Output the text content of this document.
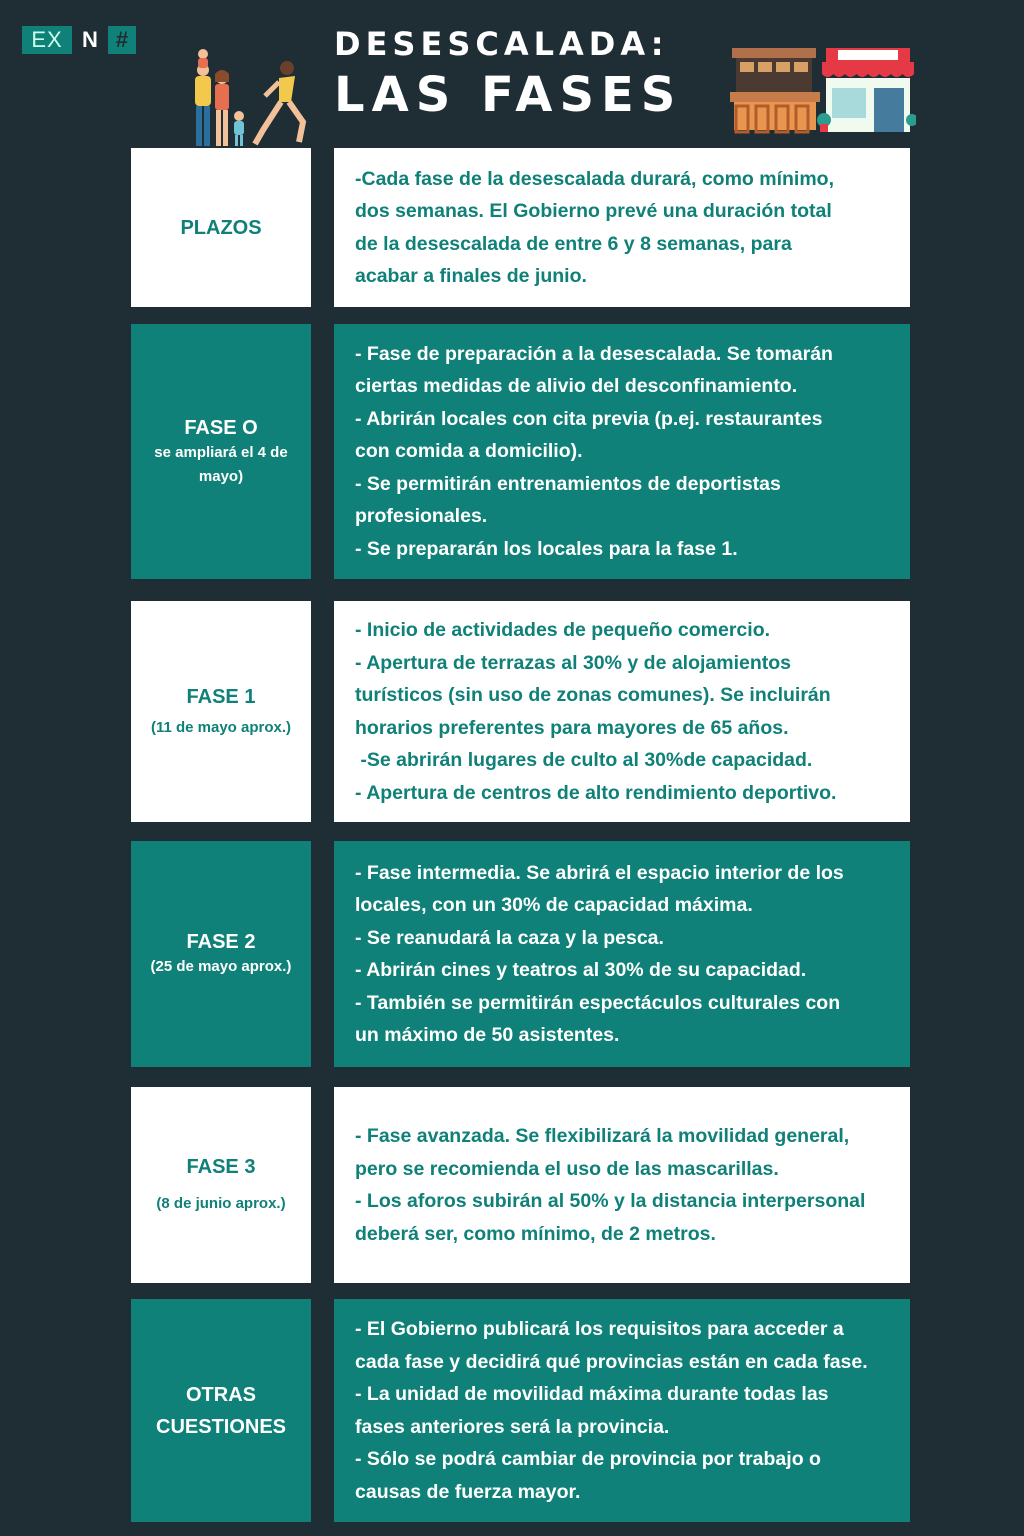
EX N #	DESESCALADA:
LAS FASES
PLAZOS

-Cada fase de la desescalada durará, como mínimo,

dos semanas. El Gobierno prevé una duración total

de la desescalada de entre 6 y 8 semanas, para

acabar a finales de junio.

FASE O
se ampliará el 4 de mayo)

- Fase de preparación a la desescalada. Se tomarán

ciertas medidas de alivio del desconfinamiento.

- Abrirán locales con cita previa (p.ej. restaurantes

con comida a domicilio).

- Se permitirán entrenamientos de deportistas

profesionales.

- Se prepararán los locales para la fase 1.

FASE 1
(11 de mayo aprox.)

- Inicio de actividades de pequeño comercio.

- Apertura de terrazas al 30% y de alojamientos

turísticos (sin uso de zonas comunes). Se incluirán

horarios preferentes para mayores de 65 años.

-Se abrirán lugares de culto al 30%de capacidad.

- Apertura de centros de alto rendimiento deportivo.

FASE 2
(25 de mayo aprox.)

- Fase intermedia. Se abrirá el espacio interior de los

locales, con un 30% de capacidad máxima.

- Se reanudará la caza y la pesca.

- Abrirán cines y teatros al 30% de su capacidad.

- También se permitirán espectáculos culturales con

un máximo de 50 asistentes.

FASE 3
(8 de junio aprox.)

- Fase avanzada. Se flexibilizará la movilidad general,

pero se recomienda el uso de las mascarillas.

- Los aforos subirán al 50% y la distancia interpersonal

deberá ser, como mínimo, de 2 metros.

OTRAS CUESTIONES

- El Gobierno publicará los requisitos para acceder a

cada fase y decidirá qué provincias están en cada fase.

- La unidad de movilidad máxima durante todas las

fases anteriores será la provincia.

- Sólo se podrá cambiar de provincia por trabajo o

causas de fuerza mayor.
